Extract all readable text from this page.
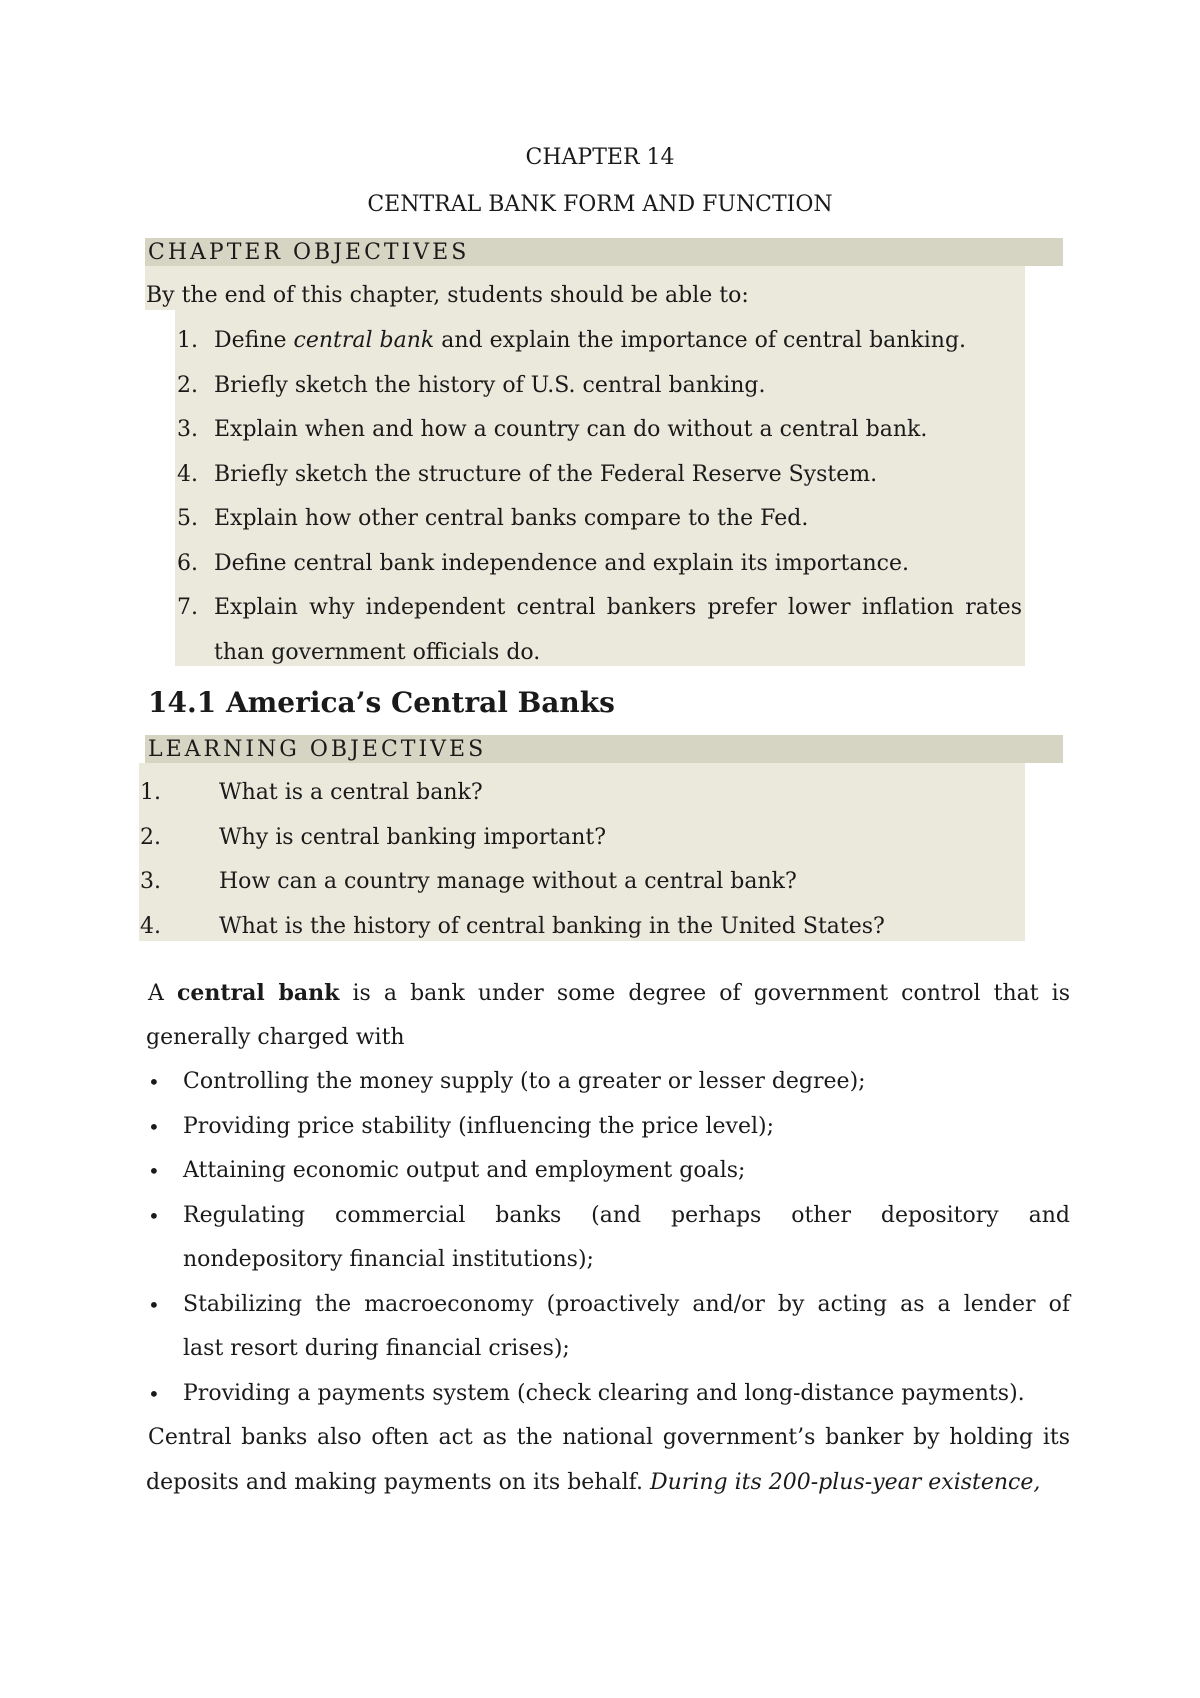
CHAPTER 14
CENTRAL BANK FORM AND FUNCTION
CHAPTER OBJECTIVES
By the end of this chapter, students should be able to:
1. Define central bank and explain the importance of central banking.
2. Briefly sketch the history of U.S. central banking.
3. Explain when and how a country can do without a central bank.
4. Briefly sketch the structure of the Federal Reserve System.
5. Explain how other central banks compare to the Fed.
6. Define central bank independence and explain its importance.
7. Explain why independent central bankers prefer lower inflation rates
than government officials do.
14.1 America’s Central Banks
LEARNING OBJECTIVES
1.	What is a central bank?
2.	Why is central banking important?
3.	How can a country manage without a central bank?
4.	What is the history of central banking in the United States?
A central bank is a bank under some degree of government control that is
generally charged with
• Controlling the money supply (to a greater or lesser degree);
• Providing price stability (influencing the price level);
• Attaining economic output and employment goals;
• Regulating commercial banks (and perhaps other depository and
nondepository financial institutions);
• Stabilizing the macroeconomy (proactively and/or by acting as a lender of
last resort during financial crises);
• Providing a payments system (check clearing and long-distance payments).
Central banks also often act as the national government’s banker by holding its
deposits and making payments on its behalf. During its 200-plus-year existence,
